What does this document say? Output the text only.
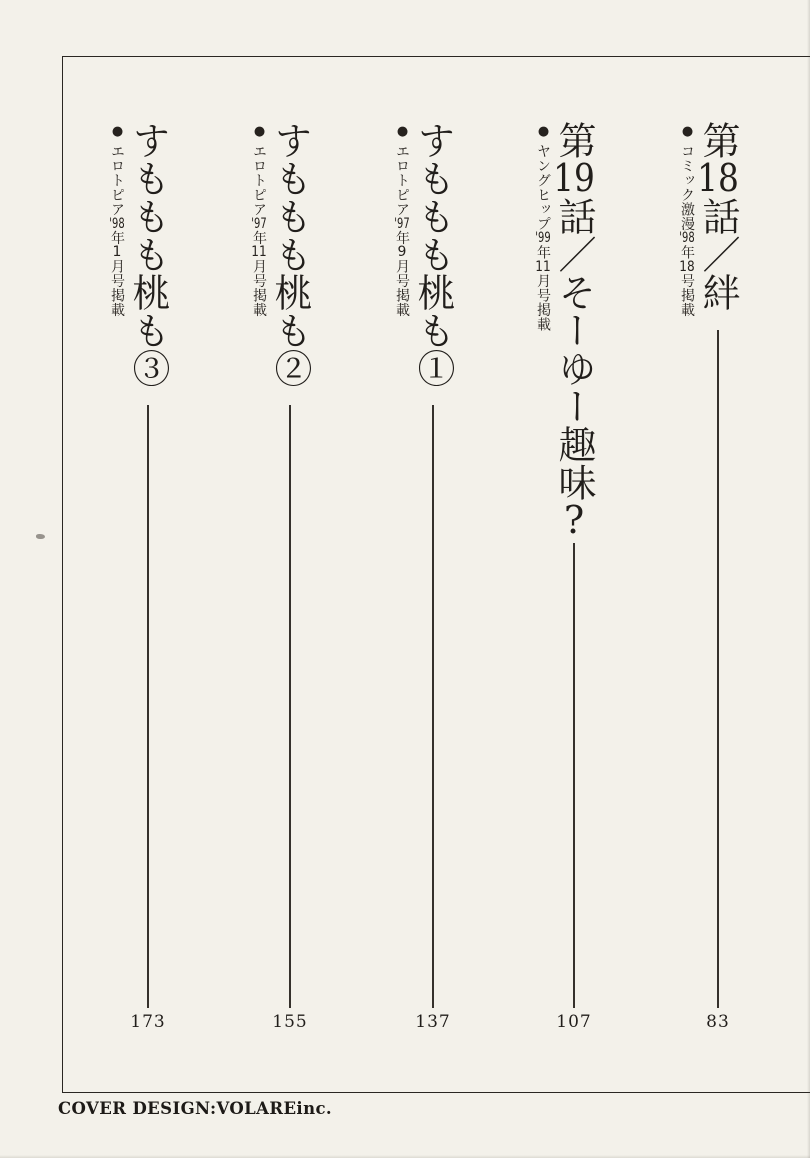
第18話／絆
●コミック激漫'98年18号掲載
83
第19話／そーゆー趣味?
●ヤングヒップ'99年11月号掲載
107
すももも桃も①
●エロトピア'97年9月号掲載
137
すももも桃も②
●エロトピア'97年11月号掲載
155
すももも桃も③
●エロトピア'98年1月号掲載
173
COVER DESIGN:VOLAREinc.
